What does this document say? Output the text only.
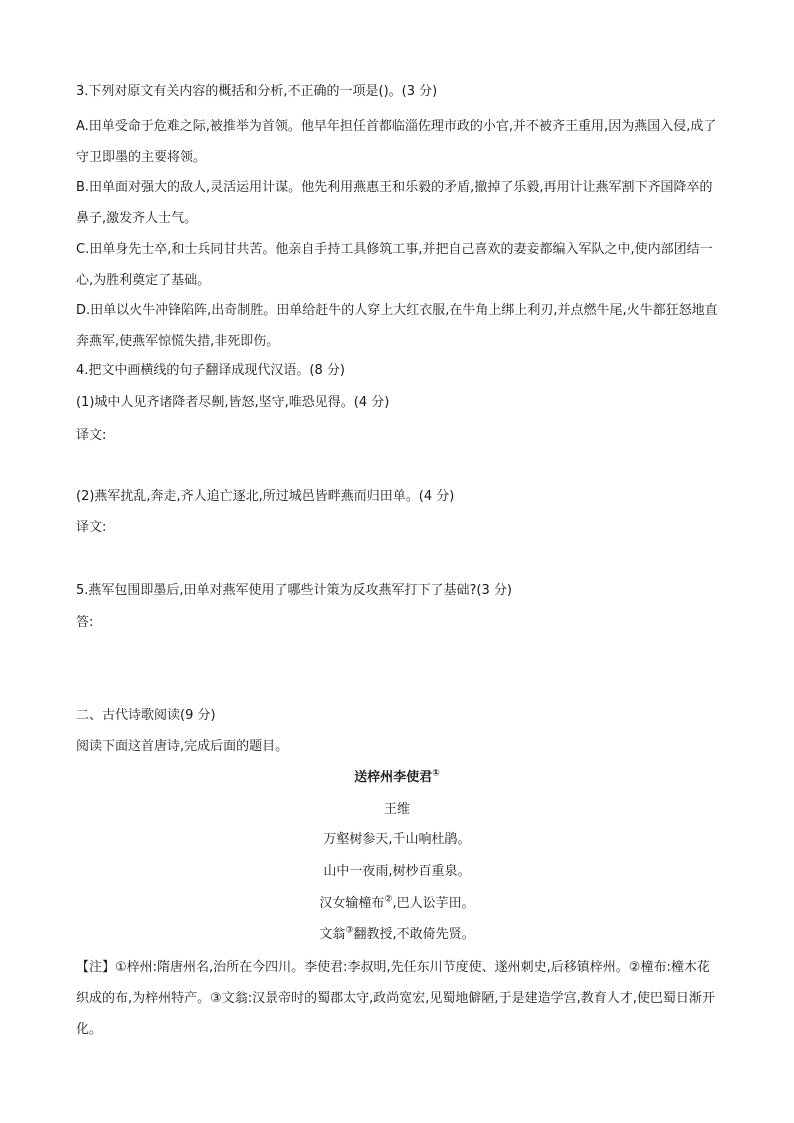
3.下列对原文有关内容的概括和分析,不正确的一项是()。(3 分)
A.田单受命于危难之际,被推举为首领。他早年担任首都临淄佐理市政的小官,并不被齐王重用,因为燕国入侵,成了守卫即墨的主要将领。
B.田单面对强大的敌人,灵活运用计谋。他先利用燕惠王和乐毅的矛盾,撤掉了乐毅,再用计让燕军割下齐国降卒的鼻子,激发齐人士气。
C.田单身先士卒,和士兵同甘共苦。他亲自手持工具修筑工事,并把自己喜欢的妻妾都编入军队之中,使内部团结一心,为胜利奠定了基础。
D.田单以火牛冲锋陷阵,出奇制胜。田单给赶牛的人穿上大红衣服,在牛角上绑上利刃,并点燃牛尾,火牛都狂怒地直奔燕军,使燕军惊慌失措,非死即伤。
4.把文中画横线的句子翻译成现代汉语。(8 分)
(1)城中人见齐诸降者尽劓,皆怒,坚守,唯恐见得。(4 分)
译文:
(2)燕军扰乱,奔走,齐人追亡逐北,所过城邑皆畔燕而归田单。(4 分)
译文:
5.燕军包围即墨后,田单对燕军使用了哪些计策为反攻燕军打下了基础?(3 分)
答:
二、古代诗歌阅读(9 分)
阅读下面这首唐诗,完成后面的题目。
送梓州李使君①
王维
万壑树参天,千山响杜鹃。
山中一夜雨,树杪百重泉。
汉女输橦布②,巴人讼芋田。
文翁③翻教授,不敢倚先贤。
【注】①梓州:隋唐州名,治所在今四川。李使君:李叔明,先任东川节度使、遂州刺史,后移镇梓州。②橦布:橦木花织成的布,为梓州特产。③文翁:汉景帝时的蜀郡太守,政尚宽宏,见蜀地僻陋,于是建造学宫,教育人才,使巴蜀日渐开化。
